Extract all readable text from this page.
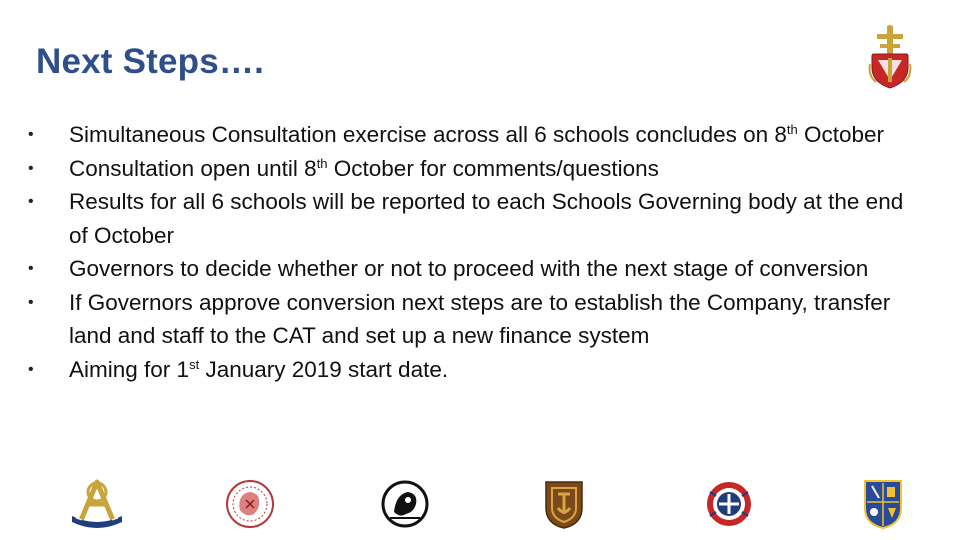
Next Steps….
• Simultaneous Consultation exercise across all 6 schools concludes on 8th October
• Consultation open until 8th October for comments/questions
• Results for all 6 schools will be reported to each Schools Governing body at the end of October
• Governors to decide whether or not to proceed with the next stage of conversion
• If Governors approve conversion next steps are to establish the Company, transfer land and staff to the CAT and set up a new finance system
• Aiming for 1st January 2019 start date.
